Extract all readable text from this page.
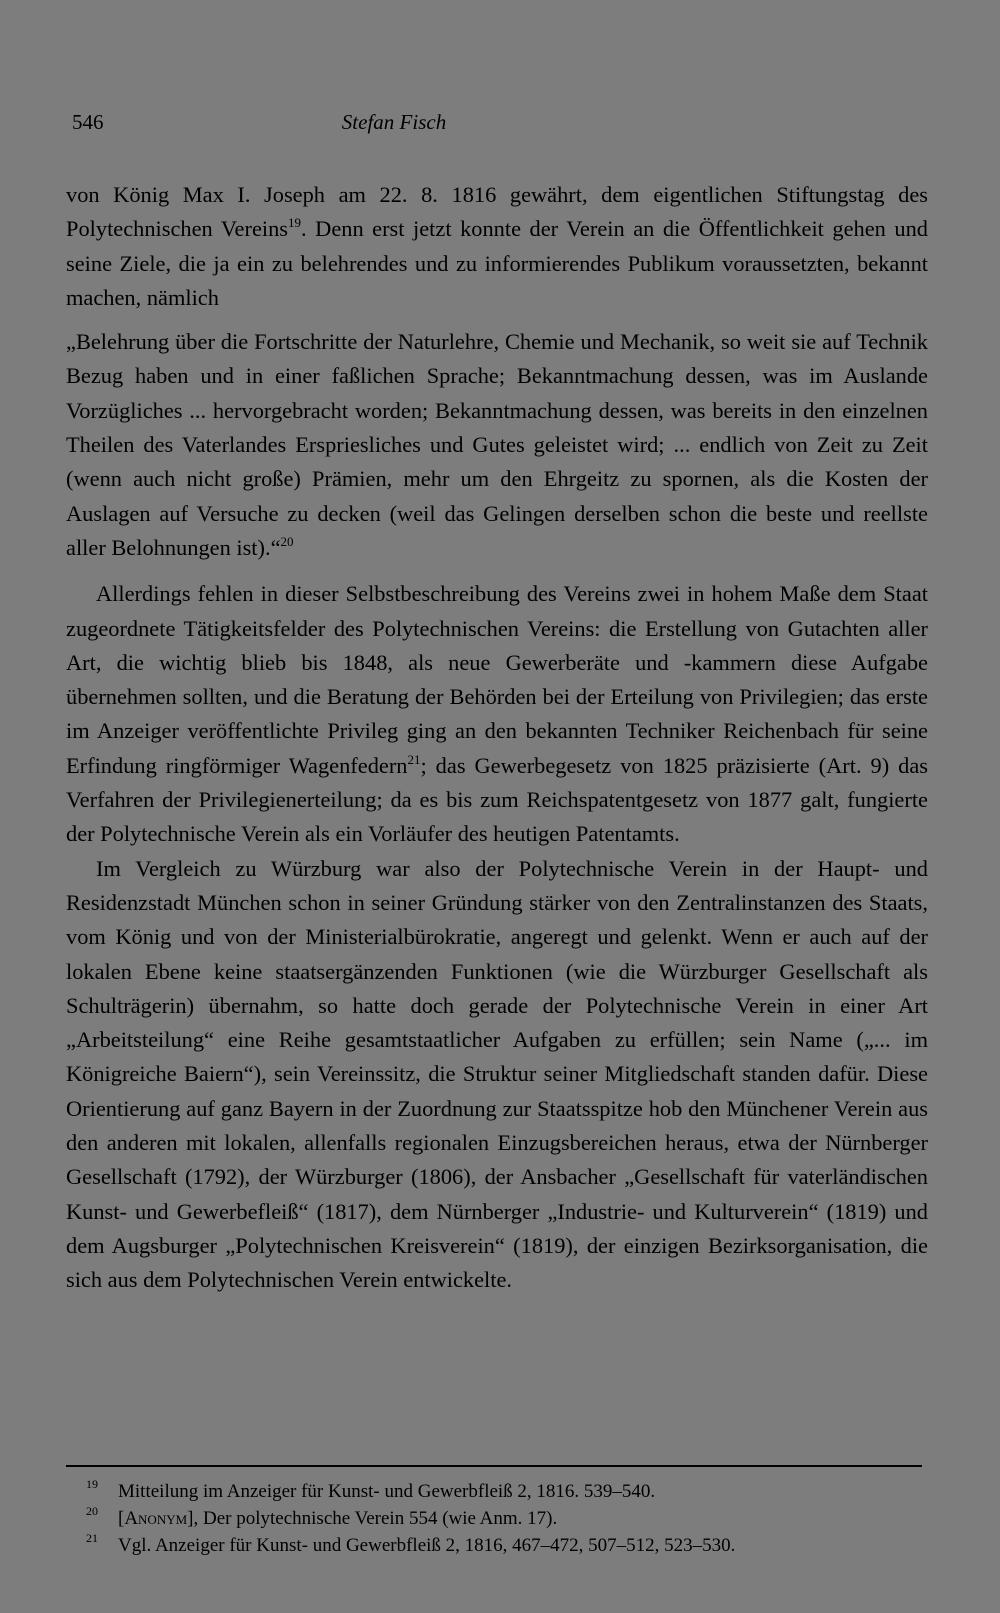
546	Stefan Fisch

von König Max I. Joseph am 22. 8. 1816 gewährt, dem eigentlichen Stiftungstag des Polytechnischen Vereins$^{19}$. Denn erst jetzt konnte der Verein an die Öffentlichkeit gehen und seine Ziele, die ja ein zu belehrendes und zu informierendes Publikum voraussetzten, bekannt machen, nämlich

„Belehrung über die Fortschritte der Naturlehre, Chemie und Mechanik, so weit sie auf Technik Bezug haben und in einer faßlichen Sprache; Bekanntmachung dessen, was im Auslande Vorzügliches ... hervorgebracht worden; Bekanntmachung dessen, was bereits in den einzelnen Theilen des Vaterlandes Erspriesliches und Gutes geleistet wird; ... endlich von Zeit zu Zeit (wenn auch nicht große) Prämien, mehr um den Ehrgeitz zu spornen, als die Kosten der Auslagen auf Versuche zu decken (weil das Gelingen derselben schon die beste und reellste aller Belohnungen ist).“$^{20}$

Allerdings fehlen in dieser Selbstbeschreibung des Vereins zwei in hohem Maße dem Staat zugeordnete Tätigkeitsfelder des Polytechnischen Vereins: die Erstellung von Gutachten aller Art, die wichtig blieb bis 1848, als neue Gewerberäte und -kammern diese Aufgabe übernehmen sollten, und die Beratung der Behörden bei der Erteilung von Privilegien; das erste im Anzeiger veröffentlichte Privileg ging an den bekannten Techniker Reichenbach für seine Erfindung ringförmiger Wagenfedern$^{21}$; das Gewerbegesetz von 1825 präzisierte (Art. 9) das Verfahren der Privilegienerteilung; da es bis zum Reichspatentgesetz von 1877 galt, fungierte der Polytechnische Verein als ein Vorläufer des heutigen Patentamts.

Im Vergleich zu Würzburg war also der Polytechnische Verein in der Haupt- und Residenzstadt München schon in seiner Gründung stärker von den Zentralinstanzen des Staats, vom König und von der Ministerialbürokratie, angeregt und gelenkt. Wenn er auch auf der lokalen Ebene keine staatsergänzenden Funktionen (wie die Würzburger Gesellschaft als Schulträgerin) übernahm, so hatte doch gerade der Polytechnische Verein in einer Art „Arbeitsteilung“ eine Reihe gesamtstaatlicher Aufgaben zu erfüllen; sein Name („... im Königreiche Baiern“), sein Vereinssitz, die Struktur seiner Mitgliedschaft standen dafür. Diese Orientierung auf ganz Bayern in der Zuordnung zur Staatsspitze hob den Münchener Verein aus den anderen mit lokalen, allenfalls regionalen Einzugsbereichen heraus, etwa der Nürnberger Gesellschaft (1792), der Würzburger (1806), der Ansbacher „Gesellschaft für vaterländischen Kunst- und Gewerbefleiß“ (1817), dem Nürnberger „Industrie- und Kulturverein“ (1819) und dem Augsburger „Polytechnischen Kreisverein“ (1819), der einzigen Bezirksorganisation, die sich aus dem Polytechnischen Verein entwickelte.

19	Mitteilung im Anzeiger für Kunst- und Gewerbfleiß 2, 1816. 539–540.
20	[Anonym], Der polytechnische Verein 554 (wie Anm. 17).
21	Vgl. Anzeiger für Kunst- und Gewerbfleiß 2, 1816, 467–472, 507–512, 523–530.
